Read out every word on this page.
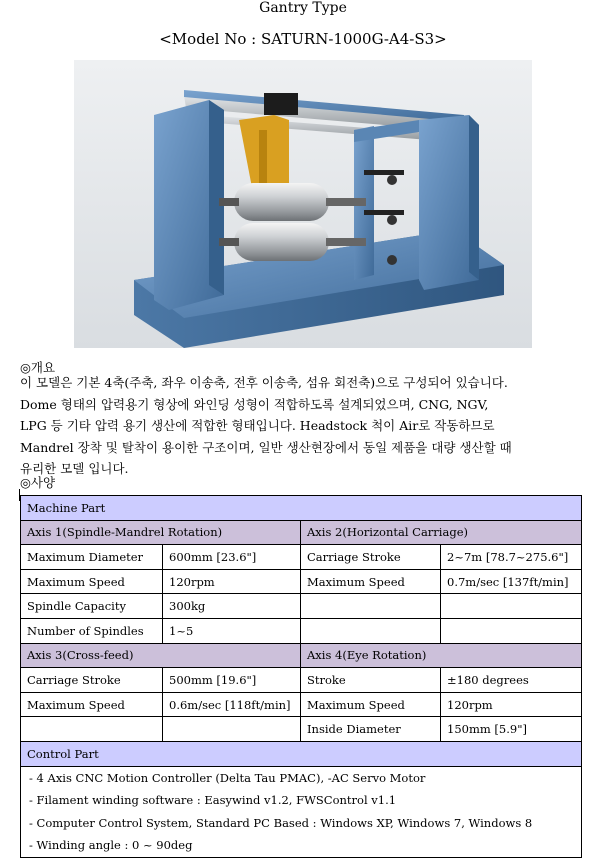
Gantry Type
<Model No : SATURN-1000G-A4-S3>
◎개요
이 모델은 기본 4축(주축, 좌우 이송축, 전후 이송축, 섬유 회전축)으로 구성되어 있습니다.
Dome 형태의 압력용기 형상에 와인딩 성형이 적합하도록 설계되었으며, CNG, NGV,
LPG 등 기타 압력 용기 생산에 적합한 형태입니다. Headstock 척이 Air로 작동하므로
Mandrel 장착 및 탈착이 용이한 구조이며, 일반 생산현장에서 동일 제품을 대량 생산할 때
유리한 모델 입니다.
◎사양
Machine Part			
Axis 1(Spindle-Mandrel Rotation)		Axis 2(Horizontal Carriage)	
Maximum Diameter	600mm [23.6"]	Carriage Stroke	2~7m [78.7~275.6"]
Maximum Speed	120rpm	Maximum Speed	0.7m/sec [137ft/min]
Spindle Capacity	300kg		
Number of Spindles	1~5		
Axis 3(Cross-feed)		Axis 4(Eye Rotation)	
Carriage Stroke	500mm [19.6"]	Stroke	±180 degrees
Maximum Speed	0.6m/sec [118ft/min]	Maximum Speed	120rpm
		Inside Diameter	150mm [5.9"]
Control Part			
- 4 Axis CNC Motion Controller (Delta Tau PMAC), -AC Servo Motor			
- Filament winding software : Easywind v1.2, FWSControl v1.1			
- Computer Control System, Standard PC Based : Windows XP, Windows 7, Windows 8			
- Winding angle : 0 ~ 90deg			
